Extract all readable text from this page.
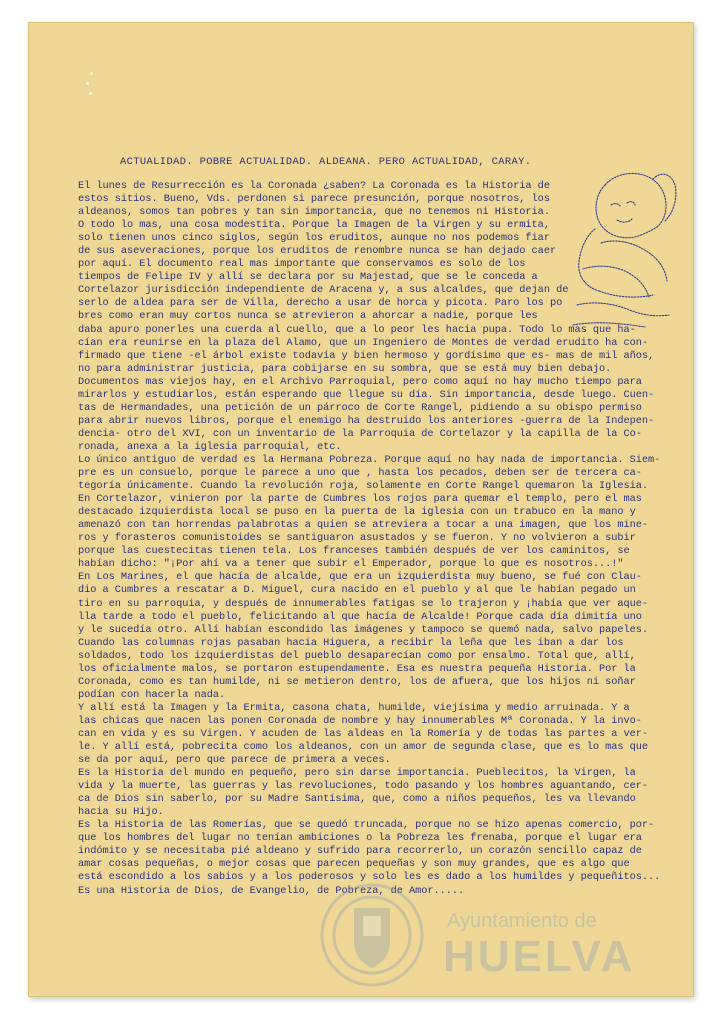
ACTUALIDAD. POBRE ACTUALIDAD. ALDEANA. PERO ACTUALIDAD, CARAY.
El lunes de Resurrección es la Coronada ¿saben? La Coronada es la Historia de
estos sitios. Bueno, Vds. perdonen si parece presunción, porque nosotros, los
aldeanos, somos tan pobres y tan sin importancia, que no tenemos ni Historia.
O todo lo mas, una cosa modestita. Porque la Imagen de la Virgen y su ermita,
solo tienen unos cinco siglos, según los eruditos, aunque no nos podemos fiar
de sus aseveraciones, porque los eruditos de renombre nunca se han dejado caer
por aquí. El documento real mas importante que conservamos es solo de los
tiempos de Felipe IV y allí se declara por su Majestad, que se le conceda a
Cortelazor jurisdicción independiente de Aracena y, a sus alcaldes, que dejan de
serlo de aldea para ser de Villa, derecho a usar de horca y picota. Paro los po
bres como eran muy cortos nunca se atrevieron a ahorcar a nadie, porque les
daba apuro ponerles una cuerda al cuello, que a lo peor les hacia pupa. Todo lo mas que ha-
cían era reunirse en la plaza del Alamo, que un Ingeniero de Montes de verdad erudito ha con-
firmado que tiene -el árbol existe todavía y bien hermoso y gordísimo que es- mas de mil años,
no para administrar justicia, para cobijarse en su sombra, que se está muy bien debajo.
Documentos mas viejos hay, en el Archivo Parroquial, pero como aquí no hay mucho tiempo para
mirarlos y estudiarlos, están esperando que llegue su día. Sin importancia, desde luego. Cuen-
tas de Hermandades, una petición de un párroco de Corte Rangel, pidiendo a su obispo permiso
para abrir nuevos libros, porque el enemigo ha destruido los anteriores -guerra de la Indepen-
dencia- otro del XVI, con un inventario de la Parroquia de Cortelazor y la capilla de la Co-
ronada, anexa a la iglesia parroquial, etc.
Lo único antiguo de verdad es la Hermana Pobreza. Porque aquí no hay nada de importancia. Siem-
pre es un consuelo, porque le parece a uno que , hasta los pecados, deben ser de tercera ca-
tegoría únicamente. Cuando la revolución roja, solamente en Corte Rangel quemaron la Iglesia.
En Cortelazor, vinieron por la parte de Cumbres los rojos para quemar el templo, pero el mas
destacado izquierdista local se puso en la puerta de la iglesia con un trabuco en la mano y
amenazó con tan horrendas palabrotas a quien se atreviera a tocar a una imagen, que los mine-
ros y forasteros comunistoides se santiguaron asustados y se fueron. Y no volvieron a subir
porque las cuestecitas tienen tela. Los franceses también después de ver los caminitos, se
habían dicho: "¡Por ahí va a tener que subir el Emperador, porque lo que es nosotros...!"
En Los Marines, el que hacía de alcalde, que era un izquierdista muy bueno, se fué con Clau-
dio a Cumbres a rescatar a D. Miguel, cura nacido en el pueblo y al que le habían pegado un
tiro en su parroquia, y después de innumerables fatigas se lo trajeron y ¡había que ver aque-
lla tarde a todo el pueblo, felicitando al que hacía de Alcalde! Porque cada día dimitía uno
y le sucedía otro. Allí habían escondido las imágenes y tampoco se quemó nada, salvo papeles.
Cuando las columnas rojas pasaban hacia Higuera, a recibir la leña que les iban a dar los
soldados, todo los izquierdistas del pueblo desaparecían como por ensalmo. Total que, allí,
los oficialmente malos, se portaron estupendamente. Esa es nuestra pequeña Historia. Por la
Coronada, como es tan humilde, ni se metieron dentro, los de afuera, que los hijos ni soñar
podían con hacerla nada.
Y allí está la Imagen y la Ermita, casona chata, humilde, viejísima y medio arruinada. Y a
las chicas que nacen las ponen Coronada de nombre y hay innumerables Mª Coronada. Y la invo-
can en vida y es su Virgen. Y acuden de las aldeas en la Romería y de todas las partes a ver-
le. Y allí está, pobrecita como los aldeanos, con un amor de segunda clase, que es lo mas que
se da por aquí, pero que parece de primera a veces.
Es la Historia del mundo en pequeño, pero sin darse importancia. Pueblecitos, la Virgen, la
vida y la muerte, las guerras y las revoluciones, todo pasando y los hombres aguantando, cer-
ca de Dios sin saberlo, por su Madre Santísima, que, como a niños pequeños, les va llevando
hacia su Hijo.
Es la Historia de las Romerías, que se quedó truncada, porque no se hizo apenas comercio, por-
que los hombres del lugar no tenían ambiciones o la Pobreza les frenaba, porque el lugar era
indómito y se necesitaba pié aldeano y sufrido para recorrerlo, un corazón sencillo capaz de
amar cosas pequeñas, o mejor cosas que parecen pequeñas y son muy grandes, que es algo que
está escondido a los sabios y a los poderosos y solo les es dado a los humildes y pequeñitos...
Es una Historia de Dios, de Evangelio, de Pobreza, de Amor.....
Ayuntamiento de
HUELVA
